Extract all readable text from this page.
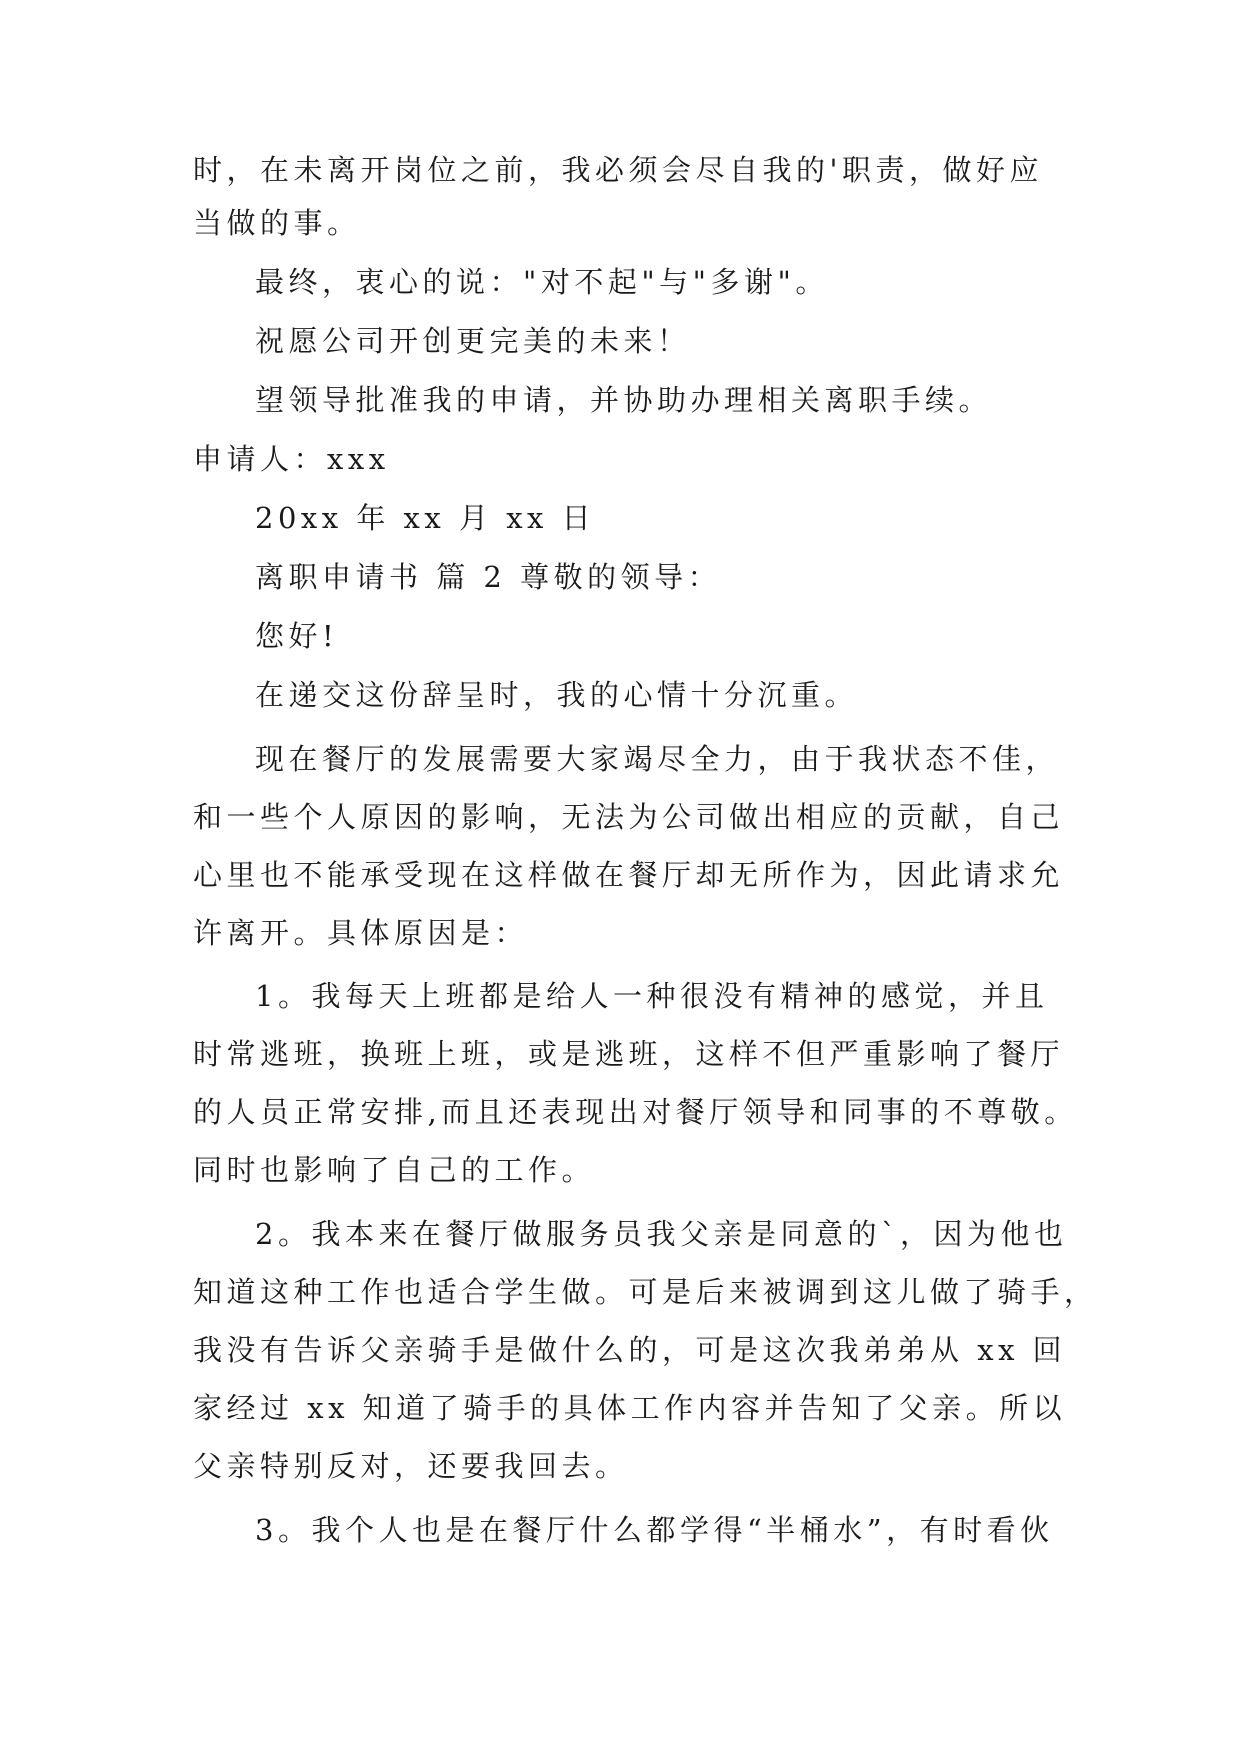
时，在未离开岗位之前，我必须会尽自我的'职责，做好应

当做的事。

最终，衷心的说："对不起"与"多谢"。

祝愿公司开创更完美的未来！

望领导批准我的申请，并协助办理相关离职手续。

申请人：xxx

20xx 年 xx 月 xx 日

离职申请书 篇 2 尊敬的领导：

您好!

在递交这份辞呈时，我的心情十分沉重。

现在餐厅的发展需要大家竭尽全力，由于我状态不佳，

和一些个人原因的影响，无法为公司做出相应的贡献，自己

心里也不能承受现在这样做在餐厅却无所作为，因此请求允

许离开。具体原因是：

1。我每天上班都是给人一种很没有精神的感觉，并且

时常逃班，换班上班，或是逃班，这样不但严重影响了餐厅

的人员正常安排,而且还表现出对餐厅领导和同事的不尊敬。

同时也影响了自己的工作。

2。我本来在餐厅做服务员我父亲是同意的`，因为他也

知道这种工作也适合学生做。可是后来被调到这儿做了骑手，

我没有告诉父亲骑手是做什么的，可是这次我弟弟从 xx 回

家经过 xx 知道了骑手的具体工作内容并告知了父亲。所以

父亲特别反对，还要我回去。

3。我个人也是在餐厅什么都学得“半桶水”，有时看伙
